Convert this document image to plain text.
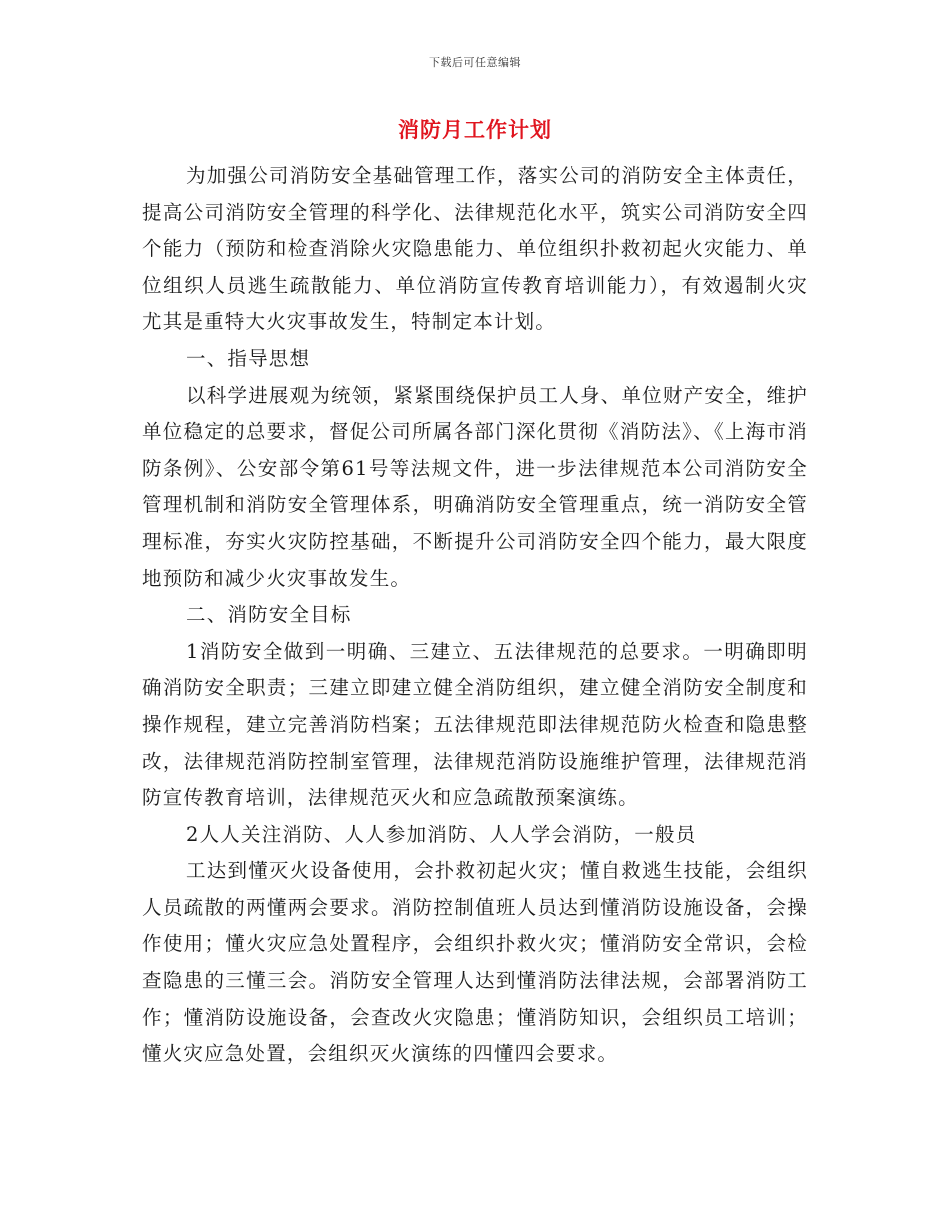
下载后可任意编辑
消防月工作计划

为加强公司消防安全基础管理工作，落实公司的消防安全主体责任，提高公司消防安全管理的科学化、法律规范化水平，筑实公司消防安全四个能力（预防和检查消除火灾隐患能力、单位组织扑救初起火灾能力、单位组织人员逃生疏散能力、单位消防宣传教育培训能力），有效遏制火灾尤其是重特大火灾事故发生，特制定本计划。

一、指导思想

以科学进展观为统领，紧紧围绕保护员工人身、单位财产安全，维护单位稳定的总要求，督促公司所属各部门深化贯彻《消防法》、《上海市消防条例》、公安部令第61号等法规文件，进一步法律规范本公司消防安全管理机制和消防安全管理体系，明确消防安全管理重点，统一消防安全管理标准，夯实火灾防控基础，不断提升公司消防安全四个能力，最大限度地预防和减少火灾事故发生。

二、消防安全目标

1消防安全做到一明确、三建立、五法律规范的总要求。一明确即明确消防安全职责；三建立即建立健全消防组织，建立健全消防安全制度和操作规程，建立完善消防档案；五法律规范即法律规范防火检查和隐患整改，法律规范消防控制室管理，法律规范消防设施维护管理，法律规范消防宣传教育培训，法律规范灭火和应急疏散预案演练。

2人人关注消防、人人参加消防、人人学会消防，一般员

工达到懂灭火设备使用，会扑救初起火灾；懂自救逃生技能，会组织人员疏散的两懂两会要求。消防控制值班人员达到懂消防设施设备，会操作使用；懂火灾应急处置程序，会组织扑救火灾；懂消防安全常识，会检查隐患的三懂三会。消防安全管理人达到懂消防法律法规，会部署消防工作；懂消防设施设备，会查改火灾隐患；懂消防知识，会组织员工培训；懂火灾应急处置，会组织灭火演练的四懂四会要求。
